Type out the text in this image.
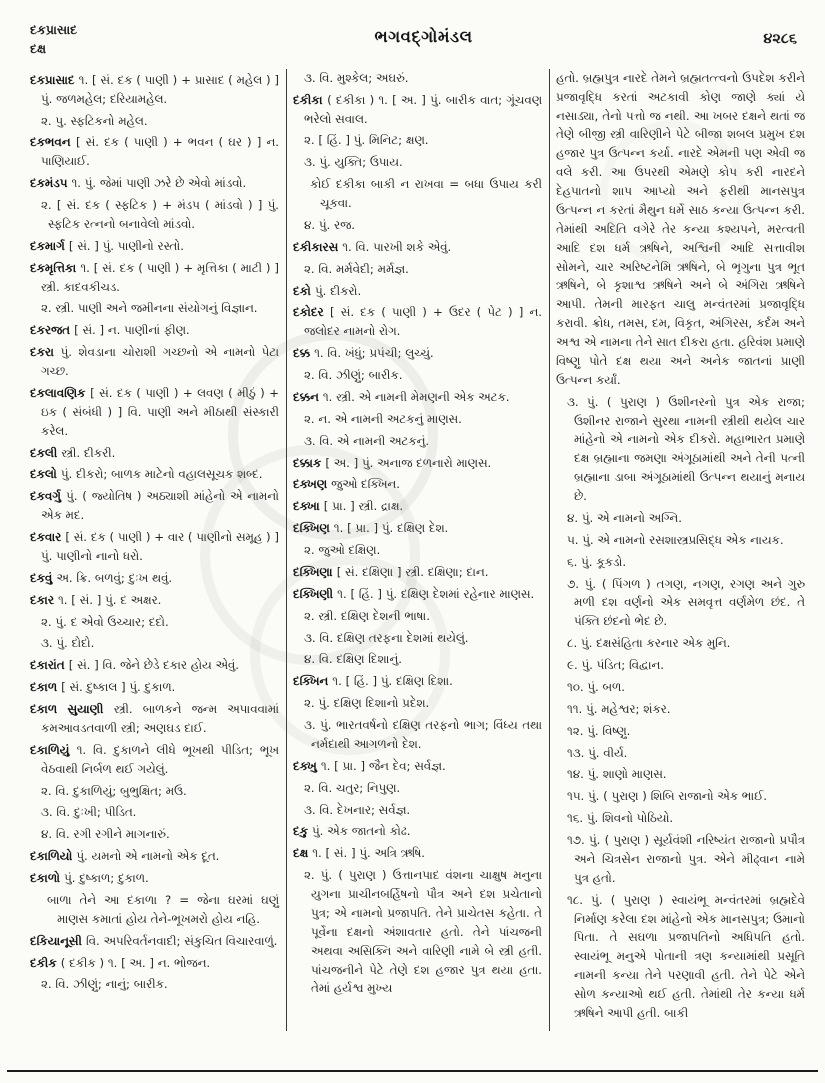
દકપ્રાસાદ
દક્ષ
ભગવદ્ગોમંડલ	૪૨૮૬

દકપ્રાસાદ ૧. [ સં. દક ( પાણી ) + પ્રાસાદ ( મહેલ ) ] પું. જળમહેલ; દરિયામહેલ.

૨. પુ. સ્ફટિકનો મહેલ.

દકભવન [ સં. દક ( પાણી ) + ભવન ( ઘર ) ] ન. પાણિયાઈ.

દકમંડપ ૧. પું. જેમાં પાણી ઝરે છે એવો માંડવો.

૨. [ સં. દક ( સ્ફટિક ) + મંડપ ( માંડવો ) ] પું. સ્ફટિક રત્નનો બનાવેલો માંડવો.

દકમાર્ગ [ સં. ] પું. પાણીનો રસ્તો.

દકમૃત્તિકા ૧. [ સં. દક ( પાણી ) + મૃત્તિકા ( માટી ) ] સ્ત્રી. કાદવકીચડ.

૨. સ્ત્રી. પાણી અને જમીનના સંયોગનું વિજ્ઞાન.

દકરજત [ સં. ] ન. પાણીનાં ફીણ.

દકરા પું. શેવડાના ચોરાશી ગચ્છનો એ નામનો પેટા ગચ્છ.

દકલાવણિક [ સં. દક ( પાણી ) + લવણ ( મીઠું ) + ઇક ( સંબંધી ) ] વિ. પાણી અને મીઠાથી સંસ્કારી કરેલ.

દકલી સ્ત્રી. દીકરી.

દકલો પું. દીકરો; બાળક માટેનો વહાલસૂચક શબ્દ.

દકવર્ગુ પું. ( જ્યોતિષ ) અઠ્યાશી માંહેનો એ નામનો એક મદ.

દકવાર [ સં. દક ( પાણી ) + વાર ( પાણીનો સમૂહ ) ] પું. પાણીનો નાનો ધરો.

દકવું અ. ક્રિ. બળવું; દુઃખ થવું.

દકાર ૧. [ સં. ] પું. દ અક્ષર.

૨. પું. દ એવો ઉચ્ચાર; દદો.

૩. પું. દોદો.

દકારાંત [ સં. ] વિ. જેને છેડે દકાર હોય એવું.

દકાળ [ સં. દુષ્કાલ ] પું. દુકાળ.

દકાળ સુયાણી સ્ત્રી. બાળકને જન્મ અપાવવામાં કમઆવડતવાળી સ્ત્રી; અણઘડ દાઈ.

દકાળિયું ૧. વિ. દુકાળને લીધે ભૂખથી પીડિત; ભૂખ વેઠવાથી નિર્બળ થઈ ગયેલું.

૨. વિ. દુકાળિયું; બુભુક્ષિત; મઉ.

૩. વિ. દુઃખી; પીડિત.

૪. વિ. રગી રગીને માગનારું.

દકાળિયો પું. યમનો એ નામનો એક દૂત.

દકાળો પું. દુષ્કાળ; દુકાળ.

બાળા તેને આ દકાળા ? = જેના ઘરમાં ઘણું માણસ કમાતાં હોય તેને-ભૂખમરો હોય નહિ.

દકિયાનૂસી વિ. અપરિવર્તનવાદી; સંકુચિત વિચારવાળું.

દકીક ( દકીક ) ૧. [ અ. ] ન. ભોજન.

૨. વિ. ઝીણું; નાનું; બારીક.

૩. વિ. મુશ્કેલ; અઘરું.

દકીકા ( દકીકા ) ૧. [ અ. ] પું. બારીક વાત; ગૂંચવણ ભરેલો સવાલ.

૨. [ હિં. ] પું. મિનિટ; ક્ષણ.

૩. પું. યુક્તિ; ઉપાય.

કોઈ દકીકા બાકી ન રાખવા = બધા ઉપાય કરી ચૂકવા.

૪. પું. રજ.

દકીકારસ ૧. વિ. પારખી શકે એવું.

૨. વિ. મર્મવેદી; મર્મજ્ઞ.

દકો પું. દીકરો.

દકોદર [ સં. દક ( પાણી ) + ઉદર ( પેટ ) ] ન. જલોદર નામનો રોગ.

દક્ક ૧. વિ. ખંધું; પ્રપંચી; લુચ્ચું.

૨. વિ. ઝીણું; બારીક.

દક્કન ૧. સ્ત્રી. એ નામની મેમણની એક અટક.

૨. ન. એ નામની અટકનું માણસ.

૩. વિ. એ નામની અટકનું.

દક્કાક [ અ. ] પું. અનાજ દળનારો માણસ.

દક્ખણ જુઓ દક્ખિન.

દક્ખા [ પ્રા. ] સ્ત્રી. દ્રાક્ષ.

દક્ખિણ ૧. [ પ્રા. ] પું. દક્ષિણ દેશ.

૨. જુઓ દક્ષિણ.

દક્ખિણા [ સં. દક્ષિણા ] સ્ત્રી. દક્ષિણા; દાન.

દક્ખિણી ૧. [ હિં. ] પું. દક્ષિણ દેશમાં રહેનાર માણસ.

૨. સ્ત્રી. દક્ષિણ દેશની ભાષા.

૩. વિ. દક્ષિણ તરફના દેશમાં થયેલું.

૪. વિ. દક્ષિણ દિશાનું.

દક્ખિન ૧. [ હિં. ] પું. દક્ષિણ દિશા.

૨. પું. દક્ષિણ દિશાનો પ્રદેશ.

૩. પું. ભારતવર્ષનો દક્ષિણ તરફનો ભાગ; વિંધ્ય તથા નર્મદાથી આગળનો દેશ.

દક્ખુ ૧. [ પ્રા. ] જૈન દેવ; સર્વજ્ઞ.

૨. વિ. ચતુર; નિપુણ.

૩. વિ. દેખનાર; સર્વજ્ઞ.

દકુ પું. એક જાતનો કોઢ.

દક્ષ ૧. [ સં. ] પું. અત્રિ ઋષિ.

૨. પું. ( પુરાણ ) ઉત્તાનપાદ વંશના ચાક્ષુષ મનુના યુગના પ્રાચીનબર્હિષનો પૌત્ર અને દશ પ્રચેતાનો પુત્ર; એ નામનો પ્રજાપતિ. તેને પ્રાચેતસ કહેતા. તે પૂર્વેના દક્ષનો અંશાવતાર હતો. તેને પાંચજની અથવા અસિક્નિ અને વારિણી નામે બે સ્ત્રી હતી. પાંચજનીને પેટે તેણે દશ હજાર પુત્ર થયા હતા. તેમાં હર્યશ્વ મુખ્ય

હતો. બ્રહ્મપુત્ર નારદે તેમને બ્રહ્મતત્ત્વનો ઉપદેશ કરીને પ્રજાવૃદ્ધિ કરતાં અટકાવી કોણ જાણે ક્યાં યે નસાડ્યા, તેનો પત્તો જ નથી. આ ખબર દક્ષને થતાં જ તેણે બીજી સ્ત્રી વારિણીને પેટે બીજા શબલ પ્રમુખ દશ હજાર પુત્ર ઉત્પન્ન કર્યા. નારદે એમની પણ એવી જ વલે કરી. આ ઉપરથી એમણે કોપ કરી નારદને દેહપાતનો શાપ આપ્યો અને ફરીથી માનસપુત્ર ઉત્પન્ન ન કરતાં મૈથુન ધર્મે સાઠ કન્યા ઉત્પન્ન કરી. તેમાંથી અદિતિ વગેરે તેર કન્યા કશ્યપને, મરત્વતી આદિ દશ ધર્મ ઋષિને, અશ્વિની આદિ સત્તાવીશ સોમને, ચાર અરિષ્ટનેમિ ઋષિને, બે ભૃગુના પુત્ર ભૂત ઋષિને, બે કૃશાશ્વ ઋષિને અને બે અંગિરા ઋષિને આપી. તેમની મારફત ચાલુ મન્વંતરમાં પ્રજાવૃદ્ધિ કરાવી. ક્રોધ, તમસ, દમ, વિકૃત, અંગિરસ, કર્દમ અને અશ્વ એ નામના તેને સાત દીકરા હતા. હરિવંશ પ્રમાણે વિષ્ણુ પોતે દક્ષ થયા અને અનેક જાતનાં પ્રાણી ઉત્પન્ન કર્યાં.

૩. પું. ( પુરાણ ) ઉશીનરનો પુત્ર એક રાજા; ઉશીનર રાજાને સુરથા નામની સ્ત્રીથી થયેલ ચાર માંહેનો એ નામનો એક દીકરો. મહાભારત પ્રમાણે દક્ષ બ્રહ્માના જમણા અંગૂઠામાંથી અને તેની પત્ની બ્રહ્માના ડાબા અંગૂઠામાંથી ઉત્પન્ન થયાનું મનાય છે.

૪. પું. એ નામનો અગ્નિ.

૫. પું. એ નામનો રસશાસ્ત્રપ્રસિદ્ધ એક નાયક.

૬. પું. કૂકડો.

૭. પું. ( પિંગળ ) તગણ, નગણ, રગણ અને ગુરુ મળી દશ વર્ણનો એક સમવૃત્ત વર્ણમેળ છંદ. તે પંક્તિ છંદનો ભેદ છે.

૮. પું. દક્ષસંહિતા કરનાર એક મુનિ.

૯. પું. પંડિત; વિદ્વાન.

૧૦. પું. બળ.

૧૧. પું. મહેશ્વર; શંકર.

૧૨. પું. વિષ્ણુ.

૧૩. પું. વીર્ય.

૧૪. પું. શાણો માણસ.

૧૫. પું. ( પુરાણ ) શિબિ રાજાનો એક ભાઈ.

૧૬. પું. શિવનો પોઠિયો.

૧૭. પું. ( પુરાણ ) સૂર્યવંશી નરિષ્યંત રાજાનો પ્રપૌત્ર અને ચિત્રસેન રાજાનો પુત્ર. એને મીઢ્વાન નામે પુત્ર હતો.

૧૮. પું. ( પુરાણ ) સ્વાયંભૂ મન્વંતરમાં બ્રહ્મદેવે નિર્માણ કરેલા દશ માંહેનો એક માનસપુત્ર; ઉમાનો પિતા. તે સઘળા પ્રજાપતિનો અધિપતિ હતો. સ્વાયંભૂ મનુએ પોતાની ત્રણ કન્યામાંથી પ્રસૂતિ નામની કન્યા તેને પરણાવી હતી. તેને પેટે એને સોળ કન્યાઓ થઈ હતી. તેમાંથી તેર કન્યા ધર્મ ઋષિને આપી હતી. બાકી
